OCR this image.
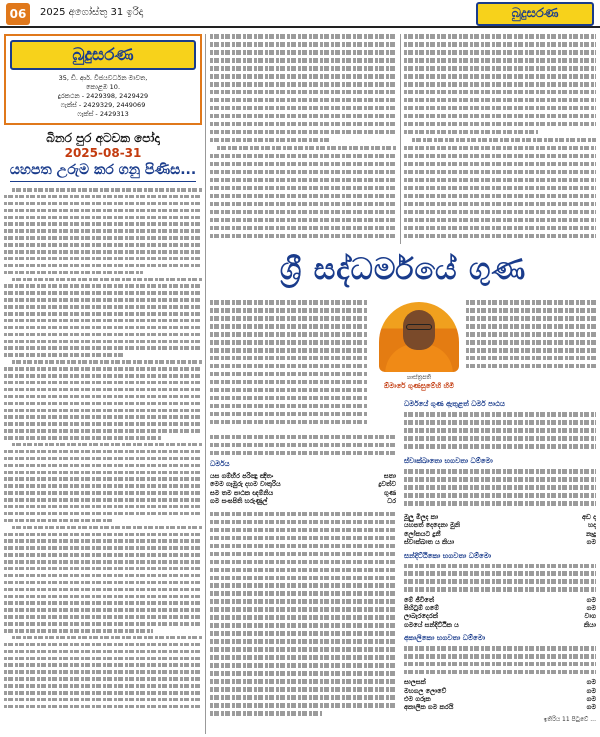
06	2025 අගෝස්තු 31 ඉරිදා	බුදුසරණ
බුදුසරණ
35, ඩී. ආර්. විජයවර්ධන මාවත,
කොළඹ 10.
දුරකථන - 2429398, 2429429
ෆැක්ස් - 2429329, 2449069
ෆැක්ස් - 2429313
බිනර පුර අටවක පෝදා
2025-08-31
යහපත උරුම කර ගනු පිණිස...
ශ්‍රී සද්ධර්මයේ ගුණ
ශාස්ත්‍රපති
ඕමාරේ ගුණසුමේහි හිමි
ධර්මය
යස ගම්භීර පරිඤු ඤිතං	සතා
මෙම ගැඹුරු දහම වාතුරිය	ද්‍රවත්ව
සම තම පාඨක ඥම්නිය	ගුණ
ගම සංඝපිති හරුණුල්	ධර
ධර්මයේ ගුණ ඇතුළත් ධර්ම පාඨය
ස්වාක්ඛාතො භගවතා ධම්මො
මූලු මිලද කා	අඩ ද
යහපත් දෙදෙනා මුනි	හද
ලෝකයට දුනී	නෑදු
ස්වාක්ඛාත ය කියා	ගම
සන්දිට්ඨිකො භගවතා ධම්මො
මේ ජීවිතේ	ගම
පිහිටුම් ගමේ	ගම
ලාබැරදෙරක්	වාග
ගමයේ සන්දිට්ඨික ය	කියා
අකාලිකො භගවතා ධම්මො
සාලසක්	ගම
මහගල ලොවේ	ගම
එම ගරුක	ගම
අකාලික ගම කරයි	ගම
ඉතිරිය 11 පිටුවේ ...
